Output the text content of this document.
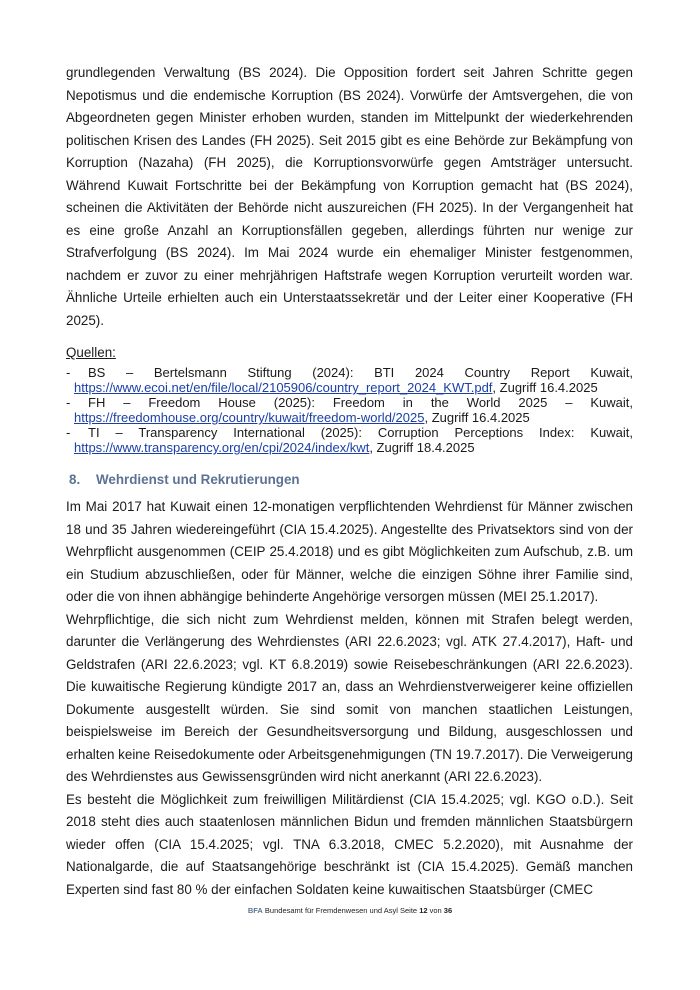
grundlegenden Verwaltung (BS 2024). Die Opposition fordert seit Jahren Schritte gegen Nepotismus und die endemische Korruption (BS 2024). Vorwürfe der Amtsvergehen, die von Abgeordneten gegen Minister erhoben wurden, standen im Mittelpunkt der wiederkehrenden politischen Krisen des Landes (FH 2025). Seit 2015 gibt es eine Behörde zur Bekämpfung von Korruption (Nazaha) (FH 2025), die Korruptionsvorwürfe gegen Amtsträger untersucht. Während Kuwait Fortschritte bei der Bekämpfung von Korruption gemacht hat (BS 2024), scheinen die Aktivitäten der Behörde nicht auszureichen (FH 2025). In der Vergangenheit hat es eine große Anzahl an Korruptionsfällen gegeben, allerdings führten nur wenige zur Strafverfolgung (BS 2024). Im Mai 2024 wurde ein ehemaliger Minister festgenommen, nachdem er zuvor zu einer mehrjährigen Haftstrafe wegen Korruption verurteilt worden war. Ähnliche Urteile erhielten auch ein Unterstaatssekretär und der Leiter einer Kooperative (FH 2025).

Quellen:
-	BS – Bertelsmann Stiftung (2024): BTI 2024 Country Report Kuwait,
https://www.ecoi.net/en/file/local/2105906/country_report_2024_KWT.pdf, Zugriff 16.4.2025
-	FH – Freedom House (2025): Freedom in the World 2025 – Kuwait,
https://freedomhouse.org/country/kuwait/freedom-world/2025, Zugriff 16.4.2025
-	TI – Transparency International (2025): Corruption Perceptions Index: Kuwait,
https://www.transparency.org/en/cpi/2024/index/kwt, Zugriff 18.4.2025
8.	Wehrdienst und Rekrutierungen

Im Mai 2017 hat Kuwait einen 12-monatigen verpflichtenden Wehrdienst für Männer zwischen 18 und 35 Jahren wiedereingeführt (CIA 15.4.2025). Angestellte des Privatsektors sind von der Wehrpflicht ausgenommen (CEIP 25.4.2018) und es gibt Möglichkeiten zum Aufschub, z.B. um ein Studium abzuschließen, oder für Männer, welche die einzigen Söhne ihrer Familie sind, oder die von ihnen abhängige behinderte Angehörige versorgen müssen (MEI 25.1.2017).

Wehrpflichtige, die sich nicht zum Wehrdienst melden, können mit Strafen belegt werden, darunter die Verlängerung des Wehrdienstes (ARI 22.6.2023; vgl. ATK 27.4.2017), Haft- und Geldstrafen (ARI 22.6.2023; vgl. KT 6.8.2019) sowie Reisebeschränkungen (ARI 22.6.2023). Die kuwaitische Regierung kündigte 2017 an, dass an Wehrdienstverweigerer keine offiziellen Dokumente ausgestellt würden. Sie sind somit von manchen staatlichen Leistungen, beispielsweise im Bereich der Gesundheitsversorgung und Bildung, ausgeschlossen und erhalten keine Reisedokumente oder Arbeitsgenehmigungen (TN 19.7.2017). Die Verweigerung des Wehrdienstes aus Gewissensgründen wird nicht anerkannt (ARI 22.6.2023).

Es besteht die Möglichkeit zum freiwilligen Militärdienst (CIA 15.4.2025; vgl. KGO o.D.). Seit 2018 steht dies auch staatenlosen männlichen Bidun und fremden männlichen Staatsbürgern wieder offen (CIA 15.4.2025; vgl. TNA 6.3.2018, CMEC 5.2.2020), mit Ausnahme der Nationalgarde, die auf Staatsangehörige beschränkt ist (CIA 15.4.2025). Gemäß manchen Experten sind fast 80 % der einfachen Soldaten keine kuwaitischen Staatsbürger (CMEC

BFA Bundesamt für Fremdenwesen und Asyl Seite 12 von 36
